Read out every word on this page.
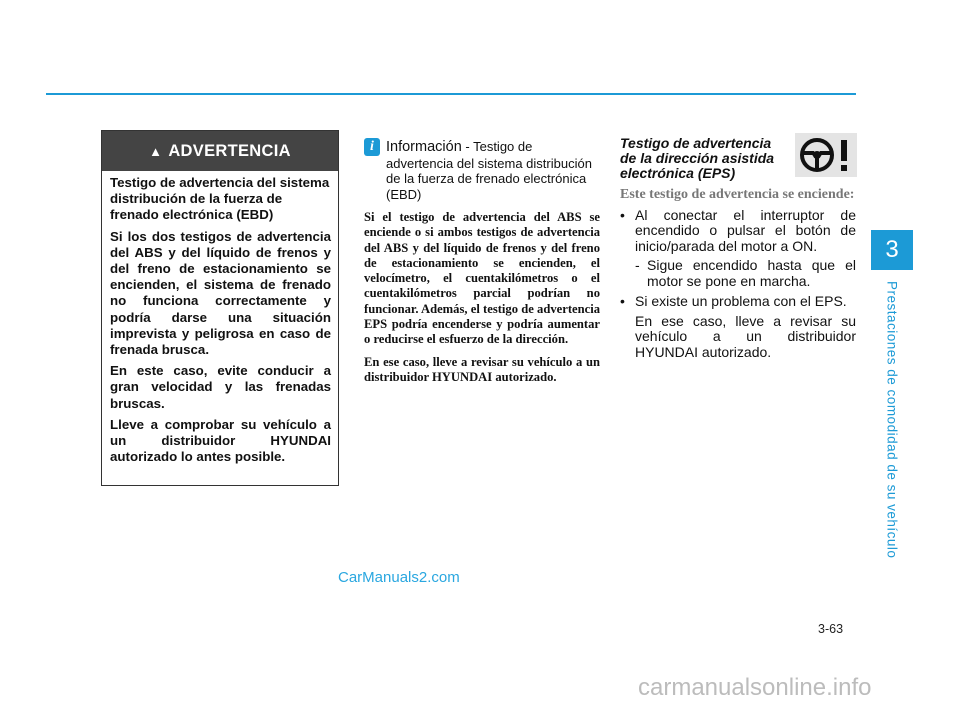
3
Prestaciones de comodidad de su vehículo
▲ ADVERTENCIA

Testigo de advertencia del sistema distribución de la fuerza de frenado electrónica (EBD)

Si los dos testigos de advertencia del ABS y del líquido de frenos y del freno de estacionamiento se encienden, el sistema de frenado no funciona correctamente y podría darse una situación imprevista y peligrosa en caso de frenada brusca.

En este caso, evite conducir a gran velocidad y las frenadas bruscas.

Lleve a comprobar su vehículo a un distribuidor HYUNDAI autorizado lo antes posible.

i Información - Testigo de advertencia del sistema distribución de la fuerza de frenado electrónica (EBD)

Si el testigo de advertencia del ABS se enciende o si ambos testigos de advertencia del ABS y del líquido de frenos y del freno de estacionamiento se encienden, el velocímetro, el cuentakilómetros o el cuentakilómetros parcial podrían no funcionar. Además, el testigo de advertencia EPS podría encenderse y podría aumentar o reducirse el esfuerzo de la dirección.

En ese caso, lleve a revisar su vehículo a un distribuidor HYUNDAI autorizado.

Testigo de advertencia de la dirección asistida electrónica (EPS)
Este testigo de advertencia se enciende:
• Al conectar el interruptor de encendido o pulsar el botón de inicio/parada del motor a ON.
- Sigue encendido hasta que el motor se pone en marcha.
• Si existe un problema con el EPS.
En ese caso, lleve a revisar su vehículo a un distribuidor HYUNDAI autorizado.
3-63
CarManuals2.com
carmanualsonline.info
